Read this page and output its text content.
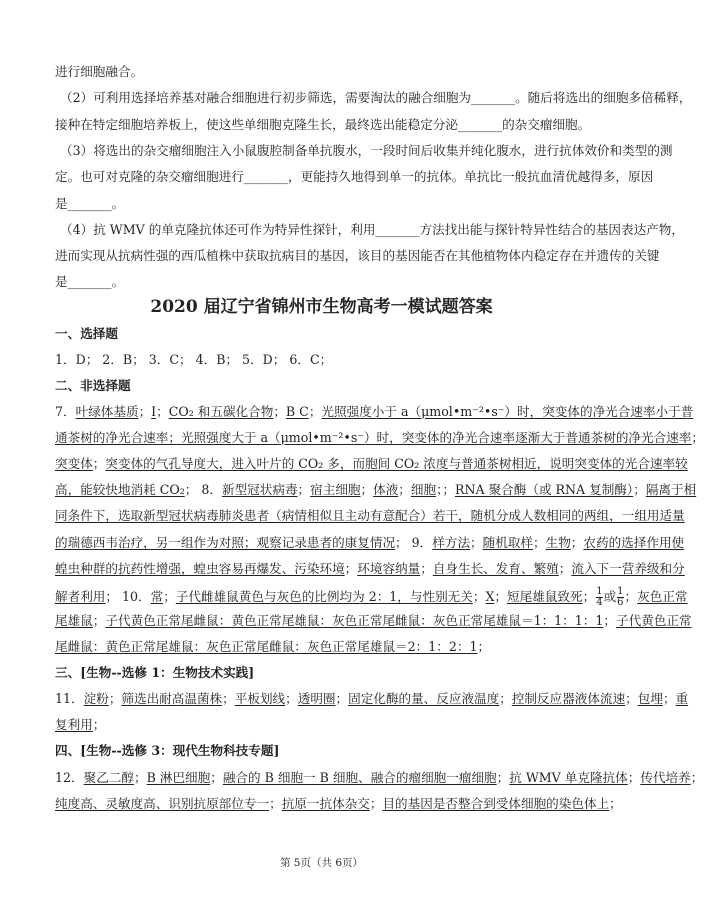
进行细胞融合。
（2）可利用选择培养基对融合细胞进行初步筛选，需要淘汰的融合细胞为_______。随后将选出的细胞多倍稀释，
接种在特定细胞培养板上，使这些单细胞克隆生长，最终选出能稳定分泌_______的杂交瘤细胞。
（3）将选出的杂交瘤细胞注入小鼠腹腔制备单抗腹水，一段时间后收集并纯化腹水，进行抗体效价和类型的测
定。也可对克隆的杂交瘤细胞进行_______，更能持久地得到单一的抗体。单抗比一般抗血清优越得多，原因
是_______。
（4）抗 WMV 的单克隆抗体还可作为特异性探针，利用_______方法找出能与探针特异性结合的基因表达产物，
进而实现从抗病性强的西瓜植株中获取抗病目的基因，该目的基因能否在其他植物体内稳定存在并遗传的关键
是_______。
2020 届辽宁省锦州市生物高考一模试题答案
一、选择题
1．D； 2．B； 3．C； 4．B； 5．D； 6．C；
二、非选择题
7．叶绿体基质；Ⅰ；CO₂ 和五碳化合物；B C；光照强度小于 a（μmol•m⁻²•s⁻）时，突变体的净光合速率小于普
通茶树的净光合速率；光照强度大于 a（μmol•m⁻²•s⁻）时，突变体的净光合速率逐渐大于普通茶树的净光合速率；
突变体；突变体的气孔导度大，进入叶片的 CO₂ 多，而胞间 CO₂ 浓度与普通茶树相近，说明突变体的光合速率较
高，能较快地消耗 CO₂； 8．新型冠状病毒；宿主细胞；体液；细胞；；RNA 聚合酶（或 RNA 复制酶）；隔离于相
同条件下，选取新型冠状病毒肺炎患者（病情相似且主动有意配合）若干，随机分成人数相同的两组，一组用适量
的瑞德西韦治疗，另一组作为对照；观察记录患者的康复情况； 9．样方法；随机取样；生物；农药的选择作用使
蝗虫种群的抗药性增强，蝗虫容易再爆发、污染环境；环境容纳量；自身生长、发育、繁殖；流入下一营养级和分
解者利用； 10．常；子代雌雄鼠黄色与灰色的比例均为 2：1，与性别无关；X；短尾雄鼠致死； $\frac{1}{4}$ 或 $\frac{1}{6}$ ；灰色正常
尾雄鼠；子代黄色正常尾雌鼠：黄色正常尾雄鼠：灰色正常尾雌鼠：灰色正常尾雄鼠＝1：1：1：1；子代黄色正常
尾雌鼠：黄色正常尾雄鼠：灰色正常尾雌鼠：灰色正常尾雄鼠＝2：1：2：1；
三、[生物--选修 1：生物技术实践]
11．淀粉；筛选出耐高温菌株；平板划线；透明圈；固定化酶的量、反应液温度；控制反应器液体流速；包埋；重
复利用；
四、[生物--选修 3：现代生物科技专题]
12．聚乙二醇；B 淋巴细胞；融合的 B 细胞一 B 细胞、融合的瘤细胞一瘤细胞；抗 WMV 单克隆抗体；传代培养；
纯度高、灵敏度高、识别抗原部位专一；抗原一抗体杂交；目的基因是否整合到受体细胞的染色体上；
第 5页（共 6页）
